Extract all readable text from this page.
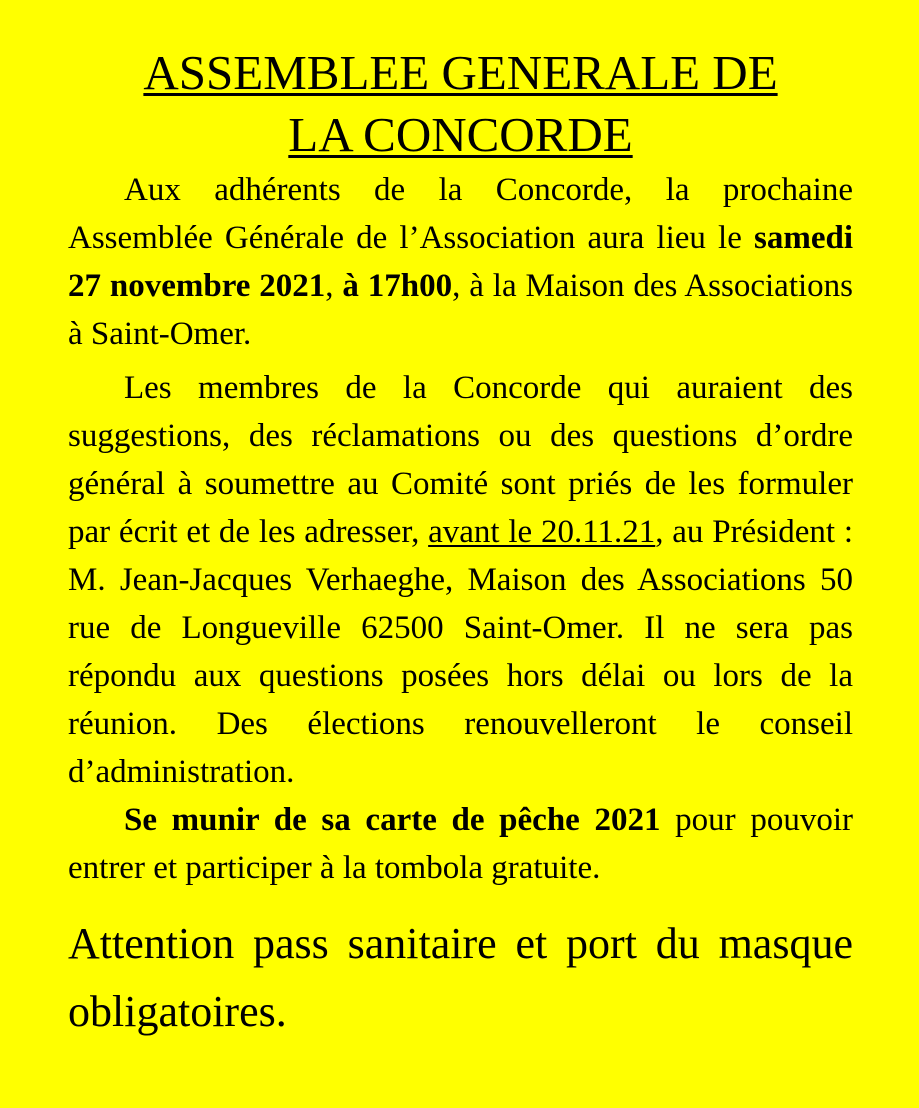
ASSEMBLEE GENERALE DE
LA CONCORDE

Aux adhérents de la Concorde, la prochaine Assemblée Générale de l’Association aura lieu le samedi 27 novembre 2021, à 17h00, à la Maison des Associations à Saint-Omer.

Les membres de la Concorde qui auraient des suggestions, des réclamations ou des questions d’ordre général à soumettre au Comité sont priés de les formuler par écrit et de les adresser, avant le 20.11.21, au Président : M. Jean-Jacques Verhaeghe, Maison des Associations 50 rue de Longueville 62500 Saint-Omer. Il ne sera pas répondu aux questions posées hors délai ou lors de la réunion. Des élections renouvelleront le conseil d’administration.

Se munir de sa carte de pêche 2021 pour pouvoir entrer et participer à la tombola gratuite.

Attention pass sanitaire et port du masque obligatoires.
